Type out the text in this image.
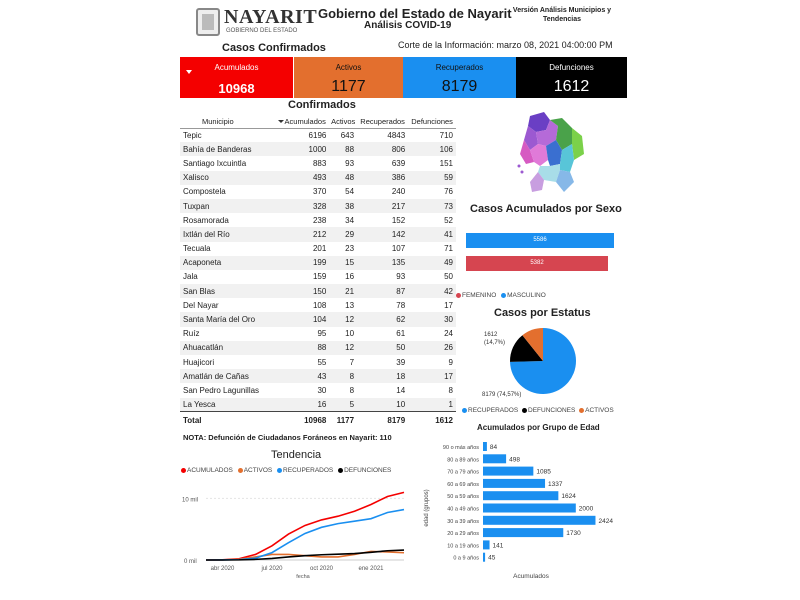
NAYARIT
GOBIERNO DEL ESTADO
Gobierno del Estado de Nayarit
Análisis COVID-19
Versión Análisis Municipios y
Tendencias
Casos Confirmados	Corte de la Información: marzo 08, 2021 04:00:00 PM
Acumulados
10968
Activos
1177
Recuperados
8179
Defunciones
1612
Confirmados
Municipio	Acumulados	Activos	Recuperados	Defunciones
Tepic	6196	643	4843	710
Bahía de Banderas	1000	88	806	106
Santiago Ixcuintla	883	93	639	151
Xalisco	493	48	386	59
Compostela	370	54	240	76
Tuxpan	328	38	217	73
Rosamorada	238	34	152	52
Ixtlán del Río	212	29	142	41
Tecuala	201	23	107	71
Acaponeta	199	15	135	49
Jala	159	16	93	50
San Blas	150	21	87	42
Del Nayar	108	13	78	17
Santa María del Oro	104	12	62	30
Ruíz	95	10	61	24
Ahuacatlán	88	12	50	26
Huajicori	55	7	39	9
Amatlán de Cañas	43	8	18	17
San Pedro Lagunillas	30	8	14	8
La Yesca	16	5	10	1
Total	10968	1177	8179	1612
Casos Acumulados por Sexo
5586
5382
FEMENINO MASCULINO
Casos por Estatus
1612
(14,7%)
8179 (74,57%)
RECUPERADOS DEFUNCIONES ACTIVOS
NOTA: Defunción de Ciudadanos Foráneos en Nayarit: 110
Tendencia
ACUMULADOS ACTIVOS RECUPERADOS DEFUNCIONES
10 mil
0 mil
abr 2020	jul 2020	oct 2020	ene 2021
fecha
Acumulados por Grupo de Edad
edad (grupos)
90 o más años 84
80 a 89 años	498
70 a 79 años	1085
60 a 69 años	1337
50 a 59 años	1624
40 a 49 años	2000
30 a 39 años	2424
20 a 29 años	1730
10 a 19 años 141
0 a 9 años 45
Acumulados
